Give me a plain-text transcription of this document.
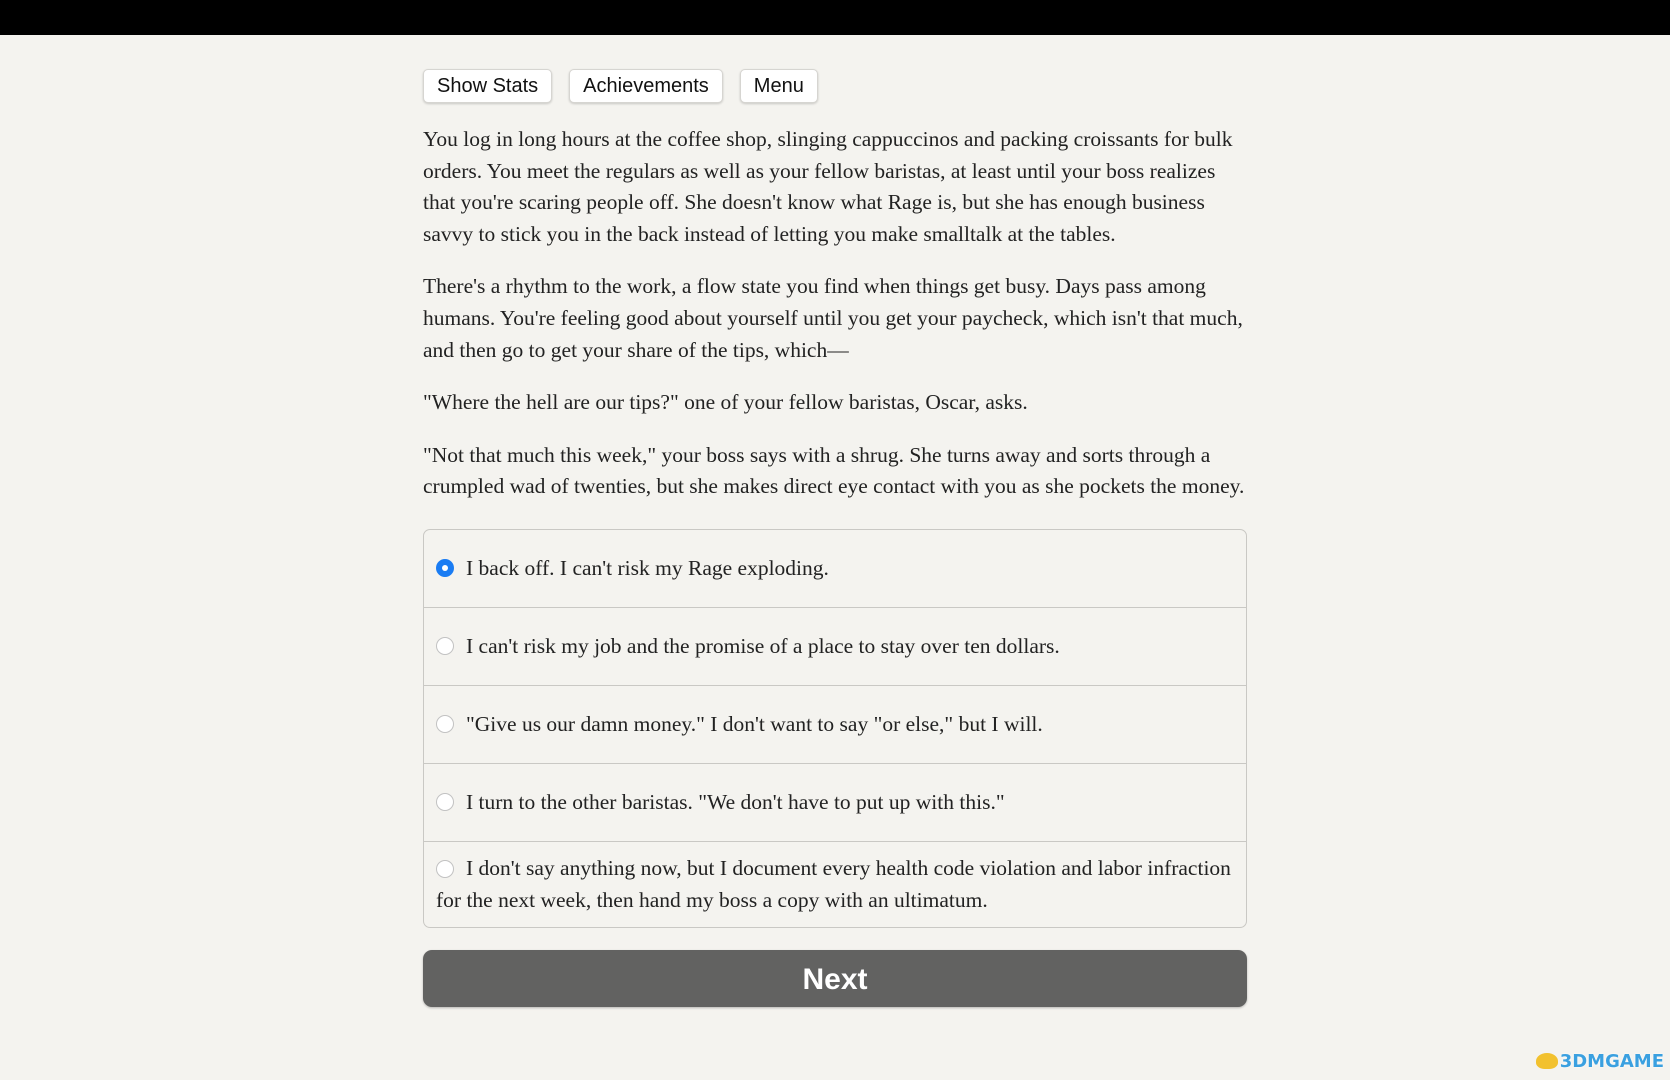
Show Stats	Achievements	Menu

You log in long hours at the coffee shop, slinging cappuccinos and packing croissants for bulk orders. You meet the regulars as well as your fellow baristas, at least until your boss realizes that you're scaring people off. She doesn't know what Rage is, but she has enough business savvy to stick you in the back instead of letting you make smalltalk at the tables.

There's a rhythm to the work, a flow state you find when things get busy. Days pass among humans. You're feeling good about yourself until you get your paycheck, which isn't that much, and then go to get your share of the tips, which—

"Where the hell are our tips?" one of your fellow baristas, Oscar, asks.

"Not that much this week," your boss says with a shrug. She turns away and sorts through a crumpled wad of twenties, but she makes direct eye contact with you as she pockets the money.

I back off. I can't risk my Rage exploding.
I can't risk my job and the promise of a place to stay over ten dollars.
"Give us our damn money." I don't want to say "or else," but I will.
I turn to the other baristas. "We don't have to put up with this."
I don't say anything now, but I document every health code violation and labor infraction for the next week, then hand my boss a copy with an ultimatum.
Next
3DMGAME
